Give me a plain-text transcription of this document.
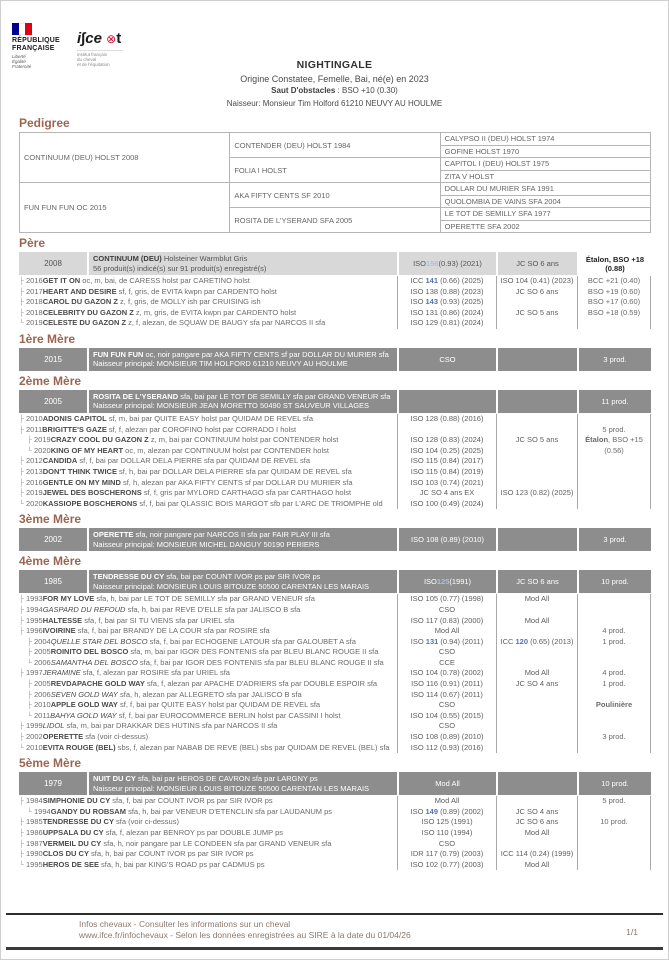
RÉPUBLIQUE
FRANÇAISE
Liberté
Égalité
Fraternité
i∫ce ⊗t
institut français
du cheval
et de l'équitation	NIGHTINGALE
Origine Constatee, Femelle, Bai, né(e) en 2023
Saut D'obstacles : BSO +10 (0.30)
Naisseur: Monsieur Tim Holford 61210 NEUVY AU HOULME
Pedigree
CONTINUUM (DEU) HOLST 2008	CONTENDER (DEU) HOLST 1984	CALYPSO II (DEU) HOLST 1974
		GOFINE HOLST 1970
	FOLIA I HOLST	CAPITOL I (DEU) HOLST 1975
		ZITA V HOLST
FUN FUN FUN OC 2015	AKA FIFTY CENTS SF 2010	DOLLAR DU MURIER SFA 1991
		QUOLOMBIA DE VAINS SFA 2004
	ROSITA DE L'YSERAND SFA 2005	LE TOT DE SEMILLY SFA 1977
		OPERETTE SFA 2002
Père
2008
CONTINUUM (DEU) Holsteiner Warmblut Gris
56 produit(s) indicé(s) sur 91 produit(s) enregistré(s)	ISO 156 (0.93) (2021)	JC SO 6 ans	Étalon, BSO +18 (0.88)
├ 2016GET IT ON oc, m, bai, de CARESS holst par CARETINO holst	ICC 141 (0.66) (2025)	ISO 104 (0.41) (2023)	BCC +21 (0.40)
├ 2017HEART AND DESIRE sf, f, gris, de EVITA kwpn par CARDENTO holst	ISO 138 (0.88) (2023)	JC SO 6 ans	BSO +19 (0.60)
├ 2018CAROL DU GAZON Z z, f, gris, de MOLLY ish par CRUISING ish	ISO 143 (0.93) (2025)	BSO +17 (0.60)
├ 2018CELEBRITY DU GAZON Z z, m, gris, de EVITA kwpn par CARDENTO holst	ISO 131 (0.86) (2024)	JC SO 5 ans	BSO +18 (0.59)
└ 2019CELESTE DU GAZON Z z, f, alezan, de SQUAW DE BAUGY sfa par NARCOS II sfa	ISO 129 (0.81) (2024)
1ère Mère
2015
FUN FUN FUN oc, noir pangare par AKA FIFTY CENTS sf par DOLLAR DU MURIER sfa
Naisseur principal: MONSIEUR TIM HOLFORD 61210 NEUVY AU HOULME	CSO	3 prod.
2ème Mère
2005
ROSITA DE L'YSERAND sfa, bai par LE TOT DE SEMILLY sfa par GRAND VENEUR sfa
Naisseur principal: MONSIEUR JEAN MORETTO 50490 ST SAUVEUR VILLAGES	11 prod.
├ 2010ADONIS CAPITOL sf, m, bai par QUITE EASY holst par QUIDAM DE REVEL sfa	ISO 128 (0.88) (2016)
├ 2011BRIGITTE'S GAZE sf, f, alezan par COROFINO holst par CORRADO I holst	5 prod.
├ 2019CRAZY COOL DU GAZON Z z, m, bai par CONTINUUM holst par CONTENDER holst	ISO 128 (0.83) (2024)	JC SO 5 ans	Étalon, BSO +15 (0.56)
└ 2020KING OF MY HEART oc, m, alezan par CONTINUUM holst par CONTENDER holst	ISO 104 (0.25) (2025)
├ 2012CANDIDA sf, f, bai par DOLLAR DELA PIERRE sfa par QUIDAM DE REVEL sfa	ISO 115 (0.84) (2017)
├ 2013DON'T THINK TWICE sf, h, bai par DOLLAR DELA PIERRE sfa par QUIDAM DE REVEL sfa	ISO 115 (0.84) (2019)
├ 2016GENTLE ON MY MIND sf, h, alezan par AKA FIFTY CENTS sf par DOLLAR DU MURIER sfa	ISO 103 (0.74) (2021)
├ 2019JEWEL DES BOSCHERONS sf, f, gris par MYLORD CARTHAGO sfa par CARTHAGO holst	JC SO 4 ans EX	ISO 123 (0.82) (2025)
└ 2020KASSIOPE BOSCHERONS sf, f, bai par QLASSIC BOIS MARGOT sfb par L'ARC DE TRIOMPHE old	ISO 100 (0.49) (2024)
3ème Mère
2002
OPERETTE sfa, noir pangare par NARCOS II sfa par FAIR PLAY III sfa
Naisseur principal: MONSIEUR MICHEL DANGUY 50190 PERIERS	ISO 108 (0.89) (2010)	3 prod.
4ème Mère
1985
TENDRESSE DU CY sfa, bai par COUNT IVOR ps par SIR IVOR ps
Naisseur principal: MONSIEUR LOUIS BITOUZE 50500 CARENTAN LES MARAIS	ISO 125 (1991)	JC SO 6 ans	10 prod.
├ 1993FOR MY LOVE sfa, h, bai par LE TOT DE SEMILLY sfa par GRAND VENEUR sfa	ISO 105 (0.77) (1998)	Mod All
├ 1994GASPARD DU REFOUD sfa, h, bai par REVE D'ELLE sfa par JALISCO B sfa	CSO
├ 1995HALTESSE sfa, f, bai par SI TU VIENS sfa par URIEL sfa	ISO 117 (0.83) (2000)	Mod All
├ 1996IVOIRINE sfa, f, bai par BRANDY DE LA COUR sfa par ROSIRE sfa	Mod All	4 prod.
├ 2004QUELLE STAR DEL BOSCO sfa, f, bai par ECHOGENE LATOUR sfa par GALOUBET A sfa	ISO 131 (0.94) (2011)	ICC 120 (0.65) (2013)	1 prod.
├ 2005ROINITO DEL BOSCO sfa, m, bai par IGOR DES FONTENIS sfa par BLEU BLANC ROUGE II sfa	CSO
└ 2006SAMANTHA DEL BOSCO sfa, f, bai par IGOR DES FONTENIS sfa par BLEU BLANC ROUGE II sfa	CCE
├ 1997JERAMINE sfa, f, alezan par ROSIRE sfa par URIEL sfa	ISO 104 (0.78) (2002)	Mod All	4 prod.
├ 2005REVDAPACHE GOLD WAY sfa, f, alezan par APACHE D'ADRIERS sfa par DOUBLE ESPOIR sfa	ISO 116 (0.91) (2011)	JC SO 4 ans	1 prod.
├ 2006SEVEN GOLD WAY sfa, h, alezan par ALLEGRETO sfa par JALISCO B sfa	ISO 114 (0.67) (2011)
├ 2010APPLE GOLD WAY sf, f, bai par QUITE EASY holst par QUIDAM DE REVEL sfa	CSO	Poulinière
└ 2011BAHYA GOLD WAY sf, f, bai par EUROCOMMERCE BERLIN holst par CASSINI I holst	ISO 104 (0.55) (2015)
├ 1999LIDOL sfa, m, bai par DRAKKAR DES HUTINS sfa par NARCOS II sfa	CSO
├ 2002OPERETTE sfa (voir ci-dessus)	ISO 108 (0.89) (2010)	3 prod.
└ 2010EVITA ROUGE (BEL) sbs, f, alezan par NABAB DE REVE (BEL) sbs par QUIDAM DE REVEL (BEL) sfa	ISO 112 (0.93) (2016)
5ème Mère
1979
NUIT DU CY sfa, bai par HEROS DE CAVRON sfa par LARGNY ps
Naisseur principal: MONSIEUR LOUIS BITOUZE 50500 CARENTAN LES MARAIS	Mod All	10 prod.
├ 1984SIMPHONIE DU CY sfa, f, bai par COUNT IVOR ps par SIR IVOR ps	Mod All	5 prod.
└ 1994GANDY DU ROBSAM sfa, h, bai par VENEUR D'ETENCLIN sfa par LAUDANUM ps	ISO 149 (0.89) (2002)	JC SO 4 ans
├ 1985TENDRESSE DU CY sfa (voir ci-dessus)	ISO 125 (1991)	JC SO 6 ans	10 prod.
├ 1986UPPSALA DU CY sfa, f, alezan par BENROY ps par DOUBLE JUMP ps	ISO 110 (1994)	Mod All
├ 1987VERMEIL DU CY sfa, h, noir pangare par LE CONDEEN sfa par GRAND VENEUR sfa	CSO
├ 1990CLOS DU CY sfa, h, bai par COUNT IVOR ps par SIR IVOR ps	IDR 117 (0.79) (2003)	ICC 114 (0.24) (1999)
└ 1995HEROS DE SEE sfa, h, bai par KING'S ROAD ps par CADMUS ps	ISO 102 (0.77) (2003)	Mod All
Infos chevaux - Consulter les informations sur un cheval
www.ifce.fr/infochevaux - Selon les données enregistrées au SIRE à la date du 01/04/26	1/1
